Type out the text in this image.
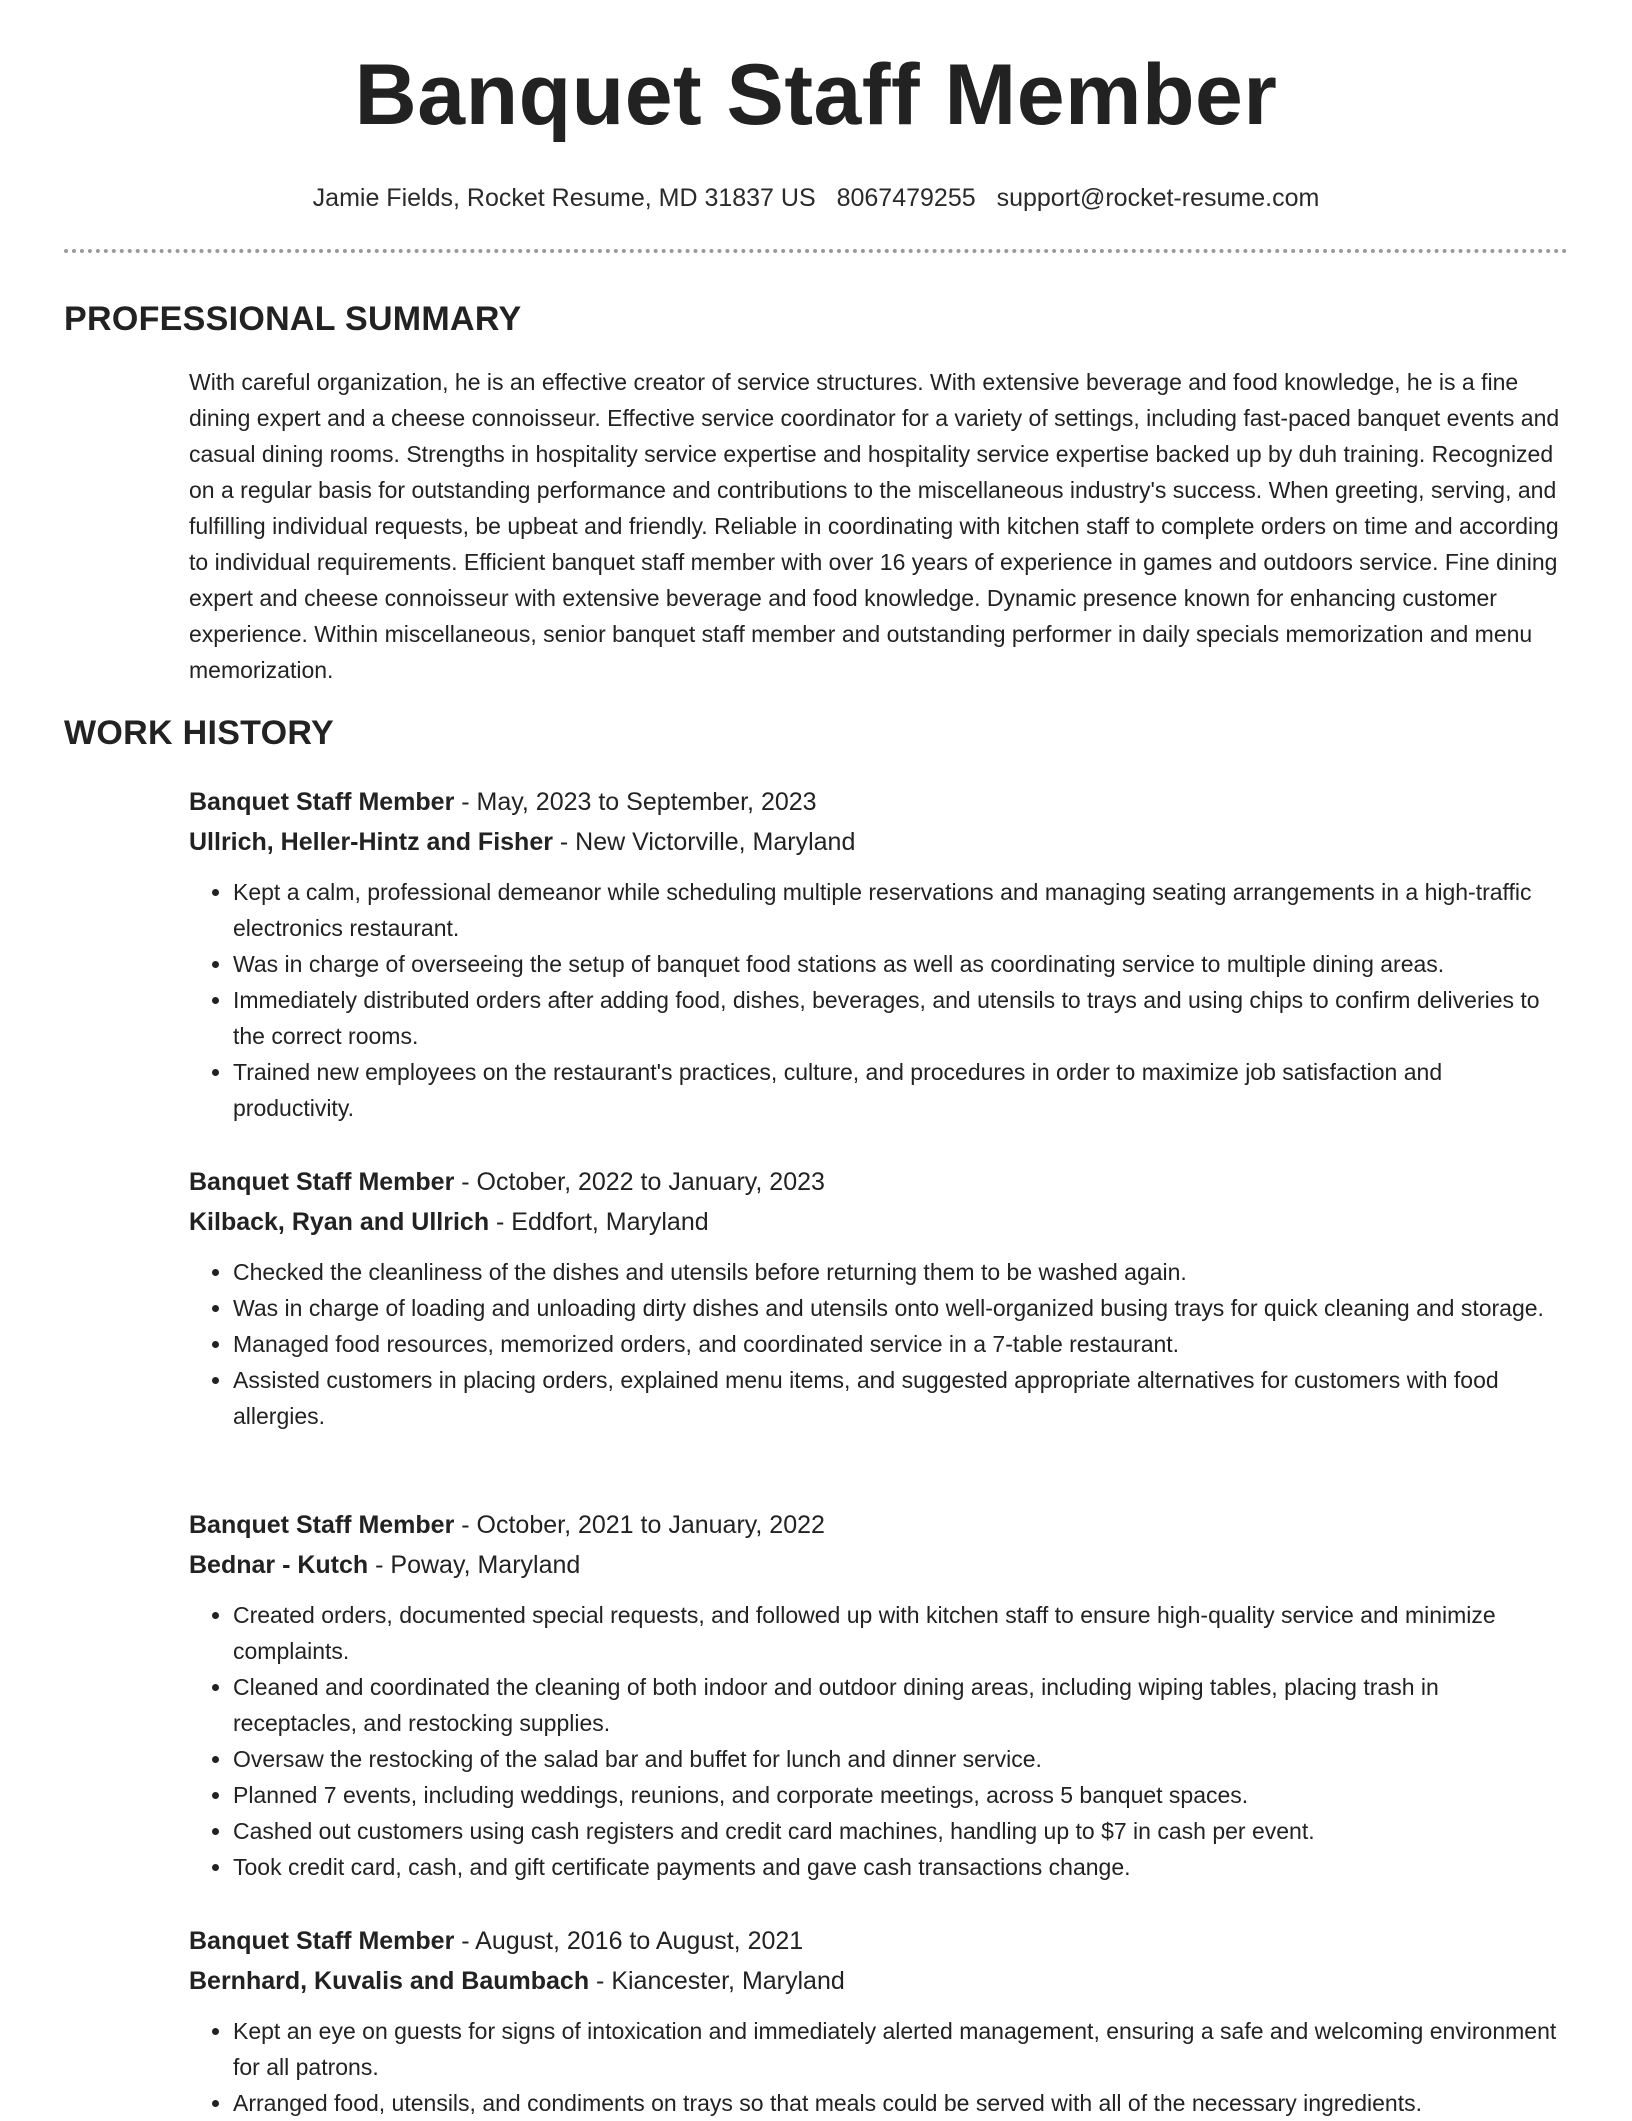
Banquet Staff Member
Jamie Fields, Rocket Resume, MD 31837 US 8067479255 support@rocket-resume.com
PROFESSIONAL SUMMARY

With careful organization, he is an effective creator of service structures. With extensive beverage and food knowledge, he is a fine dining expert and a cheese connoisseur. Effective service coordinator for a variety of settings, including fast-paced banquet events and casual dining rooms. Strengths in hospitality service expertise and hospitality service expertise backed up by duh training. Recognized on a regular basis for outstanding performance and contributions to the miscellaneous industry's success. When greeting, serving, and fulfilling individual requests, be upbeat and friendly. Reliable in coordinating with kitchen staff to complete orders on time and according to individual requirements. Efficient banquet staff member with over 16 years of experience in games and outdoors service. Fine dining expert and cheese connoisseur with extensive beverage and food knowledge. Dynamic presence known for enhancing customer experience. Within miscellaneous, senior banquet staff member and outstanding performer in daily specials memorization and menu memorization.

WORK HISTORY

Banquet Staff Member - May, 2023 to September, 2023

Ullrich, Heller-Hintz and Fisher - New Victorville, Maryland

• Kept a calm, professional demeanor while scheduling multiple reservations and managing seating arrangements in a high-traffic electronics restaurant.
• Was in charge of overseeing the setup of banquet food stations as well as coordinating service to multiple dining areas.
• Immediately distributed orders after adding food, dishes, beverages, and utensils to trays and using chips to confirm deliveries to the correct rooms.
• Trained new employees on the restaurant's practices, culture, and procedures in order to maximize job satisfaction and productivity.

Banquet Staff Member - October, 2022 to January, 2023

Kilback, Ryan and Ullrich - Eddfort, Maryland

• Checked the cleanliness of the dishes and utensils before returning them to be washed again.
• Was in charge of loading and unloading dirty dishes and utensils onto well-organized busing trays for quick cleaning and storage.
• Managed food resources, memorized orders, and coordinated service in a 7-table restaurant.
• Assisted customers in placing orders, explained menu items, and suggested appropriate alternatives for customers with food allergies.

Banquet Staff Member - October, 2021 to January, 2022

Bednar - Kutch - Poway, Maryland

• Created orders, documented special requests, and followed up with kitchen staff to ensure high-quality service and minimize complaints.
• Cleaned and coordinated the cleaning of both indoor and outdoor dining areas, including wiping tables, placing trash in receptacles, and restocking supplies.
• Oversaw the restocking of the salad bar and buffet for lunch and dinner service.
• Planned 7 events, including weddings, reunions, and corporate meetings, across 5 banquet spaces.
• Cashed out customers using cash registers and credit card machines, handling up to $7 in cash per event.
• Took credit card, cash, and gift certificate payments and gave cash transactions change.

Banquet Staff Member - August, 2016 to August, 2021

Bernhard, Kuvalis and Baumbach - Kiancester, Maryland

• Kept an eye on guests for signs of intoxication and immediately alerted management, ensuring a safe and welcoming environment for all patrons.
• Arranged food, utensils, and condiments on trays so that meals could be served with all of the necessary ingredients.
